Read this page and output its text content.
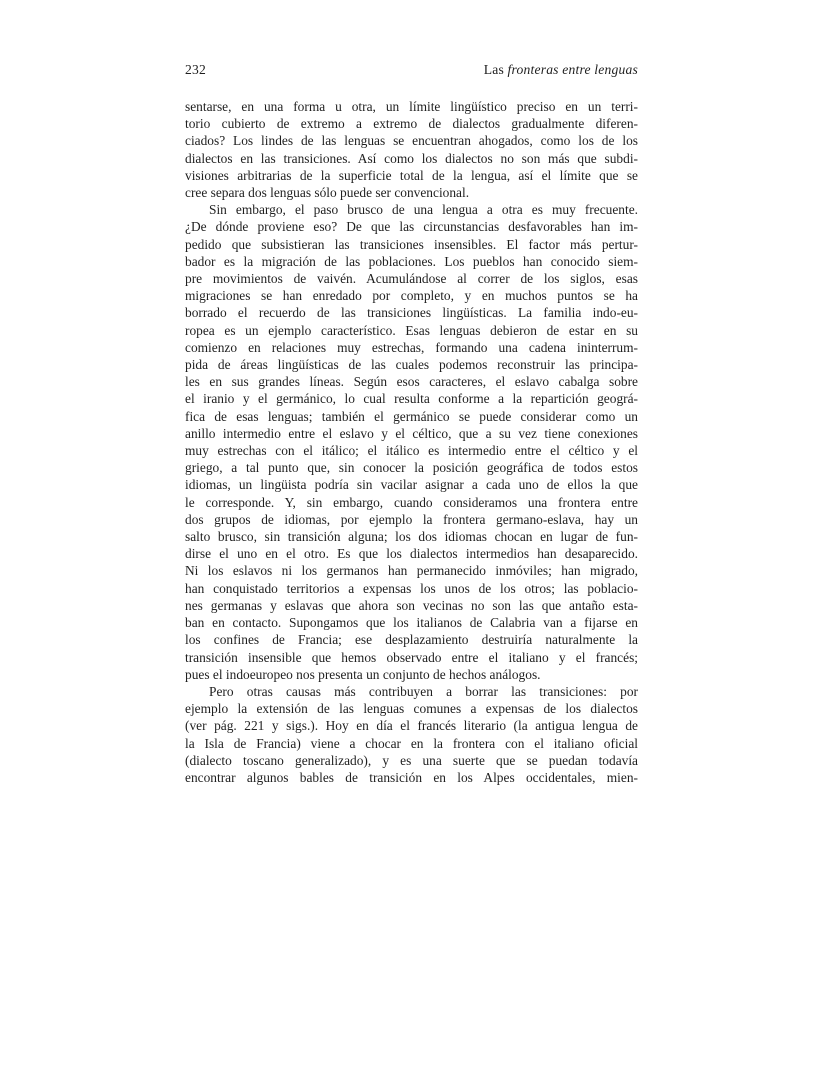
232	Las fronteras entre lenguas
sentarse, en una forma u otra, un límite lingüístico preciso en un terri-
torio cubierto de extremo a extremo de dialectos gradualmente diferen-
ciados? Los lindes de las lenguas se encuentran ahogados, como los de los
dialectos en las transiciones. Así como los dialectos no son más que subdi-
visiones arbitrarias de la superficie total de la lengua, así el límite que se
cree separa dos lenguas sólo puede ser convencional.
Sin embargo, el paso brusco de una lengua a otra es muy frecuente.
¿De dónde proviene eso? De que las circunstancias desfavorables han im-
pedido que subsistieran las transiciones insensibles. El factor más pertur-
bador es la migración de las poblaciones. Los pueblos han conocido siem-
pre movimientos de vaivén. Acumulándose al correr de los siglos, esas
migraciones se han enredado por completo, y en muchos puntos se ha
borrado el recuerdo de las transiciones lingüísticas. La familia indo-eu-
ropea es un ejemplo característico. Esas lenguas debieron de estar en su
comienzo en relaciones muy estrechas, formando una cadena ininterrum-
pida de áreas lingüísticas de las cuales podemos reconstruir las principa-
les en sus grandes líneas. Según esos caracteres, el eslavo cabalga sobre
el iranio y el germánico, lo cual resulta conforme a la repartición geográ-
fica de esas lenguas; también el germánico se puede considerar como un
anillo intermedio entre el eslavo y el céltico, que a su vez tiene conexiones
muy estrechas con el itálico; el itálico es intermedio entre el céltico y el
griego, a tal punto que, sin conocer la posición geográfica de todos estos
idiomas, un lingüista podría sin vacilar asignar a cada uno de ellos la que
le corresponde. Y, sin embargo, cuando consideramos una frontera entre
dos grupos de idiomas, por ejemplo la frontera germano-eslava, hay un
salto brusco, sin transición alguna; los dos idiomas chocan en lugar de fun-
dirse el uno en el otro. Es que los dialectos intermedios han desaparecido.
Ni los eslavos ni los germanos han permanecido inmóviles; han migrado,
han conquistado territorios a expensas los unos de los otros; las poblacio-
nes germanas y eslavas que ahora son vecinas no son las que antaño esta-
ban en contacto. Supongamos que los italianos de Calabria van a fijarse en
los confines de Francia; ese desplazamiento destruiría naturalmente la
transición insensible que hemos observado entre el italiano y el francés;
pues el indoeuropeo nos presenta un conjunto de hechos análogos.
Pero otras causas más contribuyen a borrar las transiciones: por
ejemplo la extensión de las lenguas comunes a expensas de los dialectos
(ver pág. 221 y sigs.). Hoy en día el francés literario (la antigua lengua de
la Isla de Francia) viene a chocar en la frontera con el italiano oficial
(dialecto toscano generalizado), y es una suerte que se puedan todavía
encontrar algunos bables de transición en los Alpes occidentales, mien-
